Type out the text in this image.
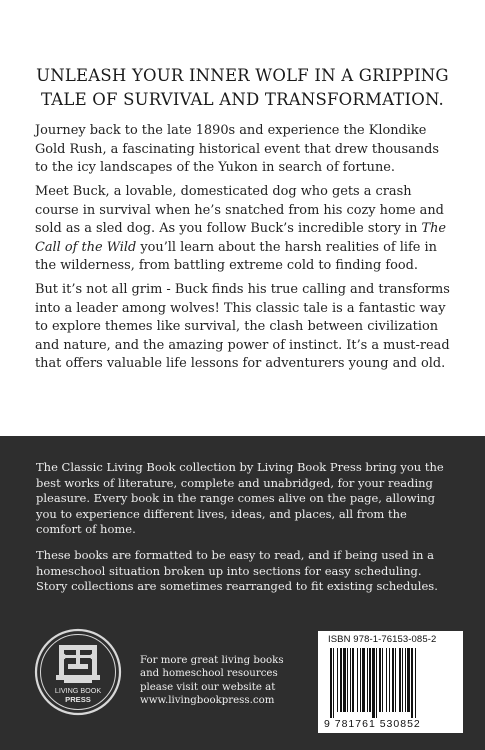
UNLEASH YOUR INNER WOLF IN A GRIPPING
TALE OF SURVIVAL AND TRANSFORMATION.

Journey back to the late 1890s and experience the Klondike Gold Rush, a fascinating historical event that drew thousands to the icy landscapes of the Yukon in search of fortune.

Meet Buck, a lovable, domesticated dog who gets a crash course in survival when he’s snatched from his cozy home and sold as a sled dog. As you follow Buck’s incredible story in The Call of the Wild you’ll learn about the harsh realities of life in the wilderness, from battling extreme cold to finding food.

But it’s not all grim - Buck finds his true calling and transforms into a leader among wolves! This classic tale is a fantastic way to explore themes like survival, the clash between civilization and nature, and the amazing power of instinct. It’s a must-read that offers valuable life lessons for adventurers young and old.

The Classic Living Book collection by Living Book Press bring you the best works of literature, complete and unabridged, for your reading pleasure. Every book in the range comes alive on the page, allowing you to experience different lives, ideas, and places, all from the comfort of home.

These books are formatted to be easy to read, and if being used in a homeschool situation broken up into sections for easy scheduling. Story collections are sometimes rearranged to fit existing schedules.

LIVING BOOK
PRESS
For more great living books
and homeschool resources
please visit our website at
www.livingbookpress.com
ISBN 978-1-76153-085-2
9 781761 530852
